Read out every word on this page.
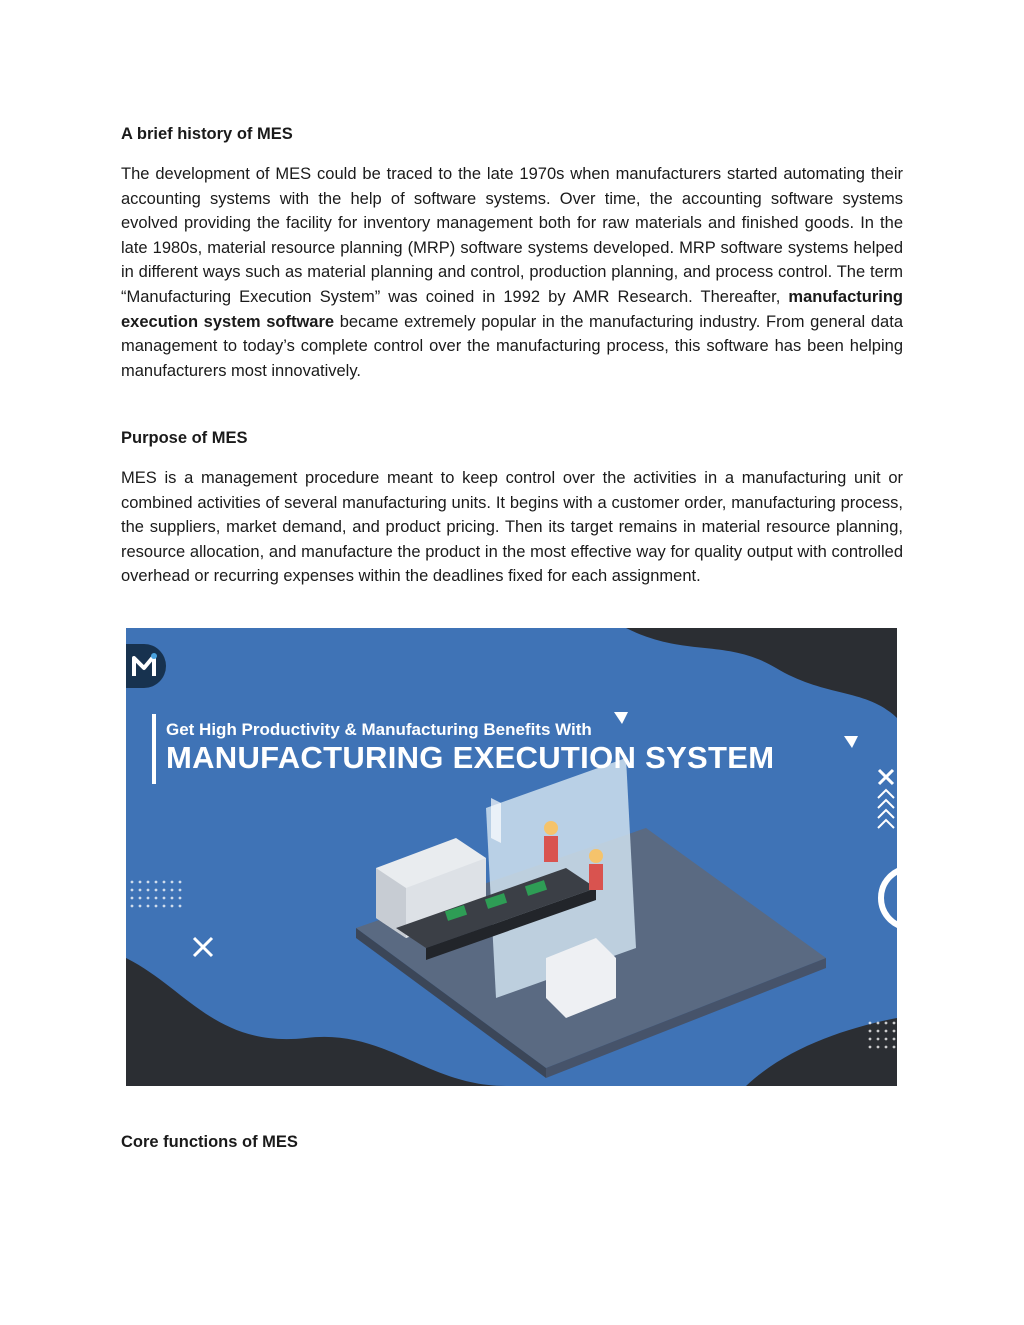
A brief history of MES

The development of MES could be traced to the late 1970s when manufacturers started automating their accounting systems with the help of software systems. Over time, the accounting software systems evolved providing the facility for inventory management both for raw materials and finished goods. In the late 1980s, material resource planning (MRP) software systems developed. MRP software systems helped in different ways such as material planning and control, production planning, and process control. The term “Manufacturing Execution System” was coined in 1992 by AMR Research. Thereafter, manufacturing execution system software became extremely popular in the manufacturing industry. From general data management to today’s complete control over the manufacturing process, this software has been helping manufacturers most innovatively.

Purpose of MES

MES is a management procedure meant to keep control over the activities in a manufacturing unit or combined activities of several manufacturing units. It begins with a customer order, manufacturing process, the suppliers, market demand, and product pricing. Then its target remains in material resource planning, resource allocation, and manufacture the product in the most effective way for quality output with controlled overhead or recurring expenses within the deadlines fixed for each assignment.

Core functions of MES
Get High Productivity & Manufacturing Benefits With
MANUFACTURING EXECUTION SYSTEM
